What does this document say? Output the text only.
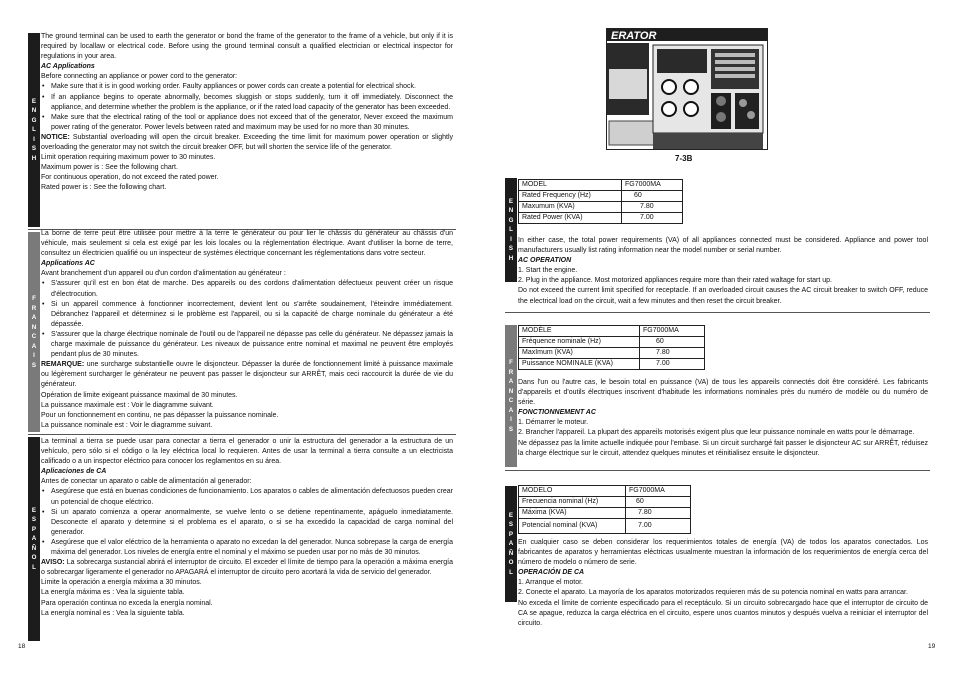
E
N
G
L
I
S
H

The ground terminal can be used to earth the generator or bond the frame of the generator to the frame of a vehicle, but only if it is required by locallaw or electrical code. Before using the ground terminal consult a qualified electrician or electrical inspector for regulations in your area.

AC Applications

Before connecting an appliance or power cord to the generator:

• Make sure that it is in good working order. Faulty appliances or power cords can create a potential for electrical shock.
• If an appliance begins to operate abnormally, becomes sluggish or stops suddenly, turn it off immediately. Disconnect the appliance, and determine whether the problem is the appliance, or if the rated load capacity of the generator has been exceeded.
• Make sure that the electrical rating of the tool or appliance does not exceed that of the generator, Never exceed the maximum power rating of the generator. Power levels between rated and maximum may be used for no more than 30 minutes.

NOTICE: Substantial overloading will open the circuit breaker. Exceeding the time limit for maximum power operation or slightly overloading the generator may not switch the circuit breaker OFF, but will shorten the service life of the generator.

Limit operation requiring maximum power to 30 minutes.

Maximum power is : See the following chart.

For continuous operation, do not exceed the rated power.

Rated power is : See the following chart.

F
R
A
N
C
A
I
S

La borne de terre peut être utilisée pour mettre à la terre le générateur ou pour lier le châssis du générateur au châssis d'un véhicule, mais seulement si cela est exigé par les lois locales ou la réglementation électrique. Avant d'utiliser la borne de terre, consultez un électricien qualifié ou un inspecteur de systèmes électrique concernant les réglementations dans votre secteur.

Applications AC

Avant branchement d'un appareil ou d'un cordon d'alimentation au générateur :

• S'assurer qu'il est en bon état de marche. Des appareils ou des cordons d'alimentation défectueux peuvent créer un risque d'électrocution.
• Si un appareil commence à fonctionner incorrectement, devient lent ou s'arrête soudainement, l'éteindre immédiatement. Débranchez l'appareil et déterminez si le problème est l'appareil, ou si la capacité de charge nominale du générateur a été dépassée.
• S'assurer que la charge électrique nominale de l'outil ou de l'appareil ne dépasse pas celle du générateur. Ne dépassez jamais la charge maximale de puissance du générateur. Les niveaux de puissance entre nominal et maximal ne peuvent être employés pendant plus de 30 minutes.

REMARQUE: une surcharge substantielle ouvre le disjoncteur. Dépasser la durée de fonctionnement limité à puissance maximale ou légèrement surcharger le générateur ne peuvent pas passer le disjoncteur sur ARRÊT, mais ceci raccourcit la durée de vie du générateur.

Opération de limite exigeant puissance maximal de 30 minutes.

La puissance maximale est : Voir le diagramme suivant.

Pour un fonctionnement en continu, ne pas dépasser la puissance nominale.

La puissance nominale est : Voir le diagramme suivant.

E
S
P
A
Ñ
O
L

La terminal a tierra se puede usar para conectar a tierra el generador o unir la estructura del generador a la estructura de un vehículo, pero sólo si el código o la ley eléctrica local lo requieren. Antes de usar la terminal a tierra consulte a un electricista calificado o a un inspector eléctrico para conocer los reglamentos en su área.

Aplicaciones de CA

Antes de conectar un aparato o cable de alimentación al generador:

• Asegúrese que está en buenas condiciones de funcionamiento. Los aparatos o cables de alimentación defectuosos pueden crear un potencial de choque eléctrico.
• Si un aparato comienza a operar anormalmente, se vuelve lento o se detiene repentinamente, apáguelo inmediatamente. Desconecte el aparato y determine si el problema es el aparato, o si se ha excedido la capacidad de carga nominal del generador.
• Asegúrese que el valor eléctrico de la herramienta o aparato no excedan la del generador. Nunca sobrepase la carga de energía máxima del generador. Los niveles de energía entre el nominal y el máximo se pueden usar por no más de 30 minutos.

AVISO: La sobrecarga sustancial abrirá el interruptor de circuito. El exceder el límite de tiempo para la operación a máxima energía o sobrecargar ligeramente el generador no APAGARÁ el interruptor de circuito pero acortará la vida de servicio del generador.

Limite la operación a energía máxima a 30 minutos.

La energía máxima es : Vea la siguiente tabla.

Para operación continua no exceda la energía nominal.

La energía nominal es : Vea la siguiente tabla.

18	19
ERATOR
7-3B
E
N
G
L
I
S
H
MODEL	FG7000MA
Rated Frequency (Hz)	60
Maxumum (KVA)	7.80
Rated Power (KVA)	7.00

In either case, the total power requirements (VA) of all appliances connected must be considered. Appliance and power tool manufacturers usually list rating information near the model number or serial number.

AC OPERATION

1. Start the engine.

2. Plug in the appliance. Most motorized appliances require more than their rated waltage for start up.

Do not exceed the current limit specified for receptacle. If an overloaded circuit causes the AC circuit breaker to switch OFF, reduce the electrical load on the circuit, wait a few minutes and then reset the circuit breaker.

F
R
A
N
C
A
I
S
MODÈLE	FG7000MA
Fréquence nominale (Hz)	60
MaxImum (KVA)	7.80
Puissance NOMINALE (KVA)	7.00

Dans l'un ou l'autre cas, le besoin total en puissance (VA) de tous les appareils connectés doit être considéré. Les fabricants d'appareils et d'outils électriques inscrivent d'habitude les informations nominales près du numéro de modèle ou du numéro de série.

FONCTIONNEMENT AC

1. Démarrer le moteur.

2. Brancher l'appareil. La plupart des appareils motorisés exigent plus que leur puissance nominale en watts pour le démarrage.

Ne dépassez pas la limite actuelle indiquée pour l'embase. Si un circuit surchargé fait passer le disjoncteur AC sur ARRÊT, réduisez la charge électrique sur le circuit, attendez quelques minutes et réinitialisez ensuite le disjoncteur.

E
S
P
A
Ñ
O
L
MODELO	FG7000MA
Frecuencia nominal (Hz)	60
Máxima (KVA)	7.80
Potencial nominal (KVA)	7.00

En cualquier caso se deben considerar los requerimientos totales de energía (VA) de todos los aparatos conectados. Los fabricantes de aparatos y herramientas eléctricas usualmente muestran la información de los requerimientos de energía cerca del número de modelo o número de serie.

OPERACIÓN DE CA

1. Arranque el motor.

2. Conecte el aparato. La mayoría de los aparatos motorizados requieren más de su potencia nominal en watts para arrancar.

No exceda el límite de corriente especificado para el receptáculo. Si un circuito sobrecargado hace que el interruptor de circuito de CA se apague, reduzca la carga eléctrica en el circuito, espere unos cuantos minutos y después vuelva a reiniciar el interruptor del circuito.
